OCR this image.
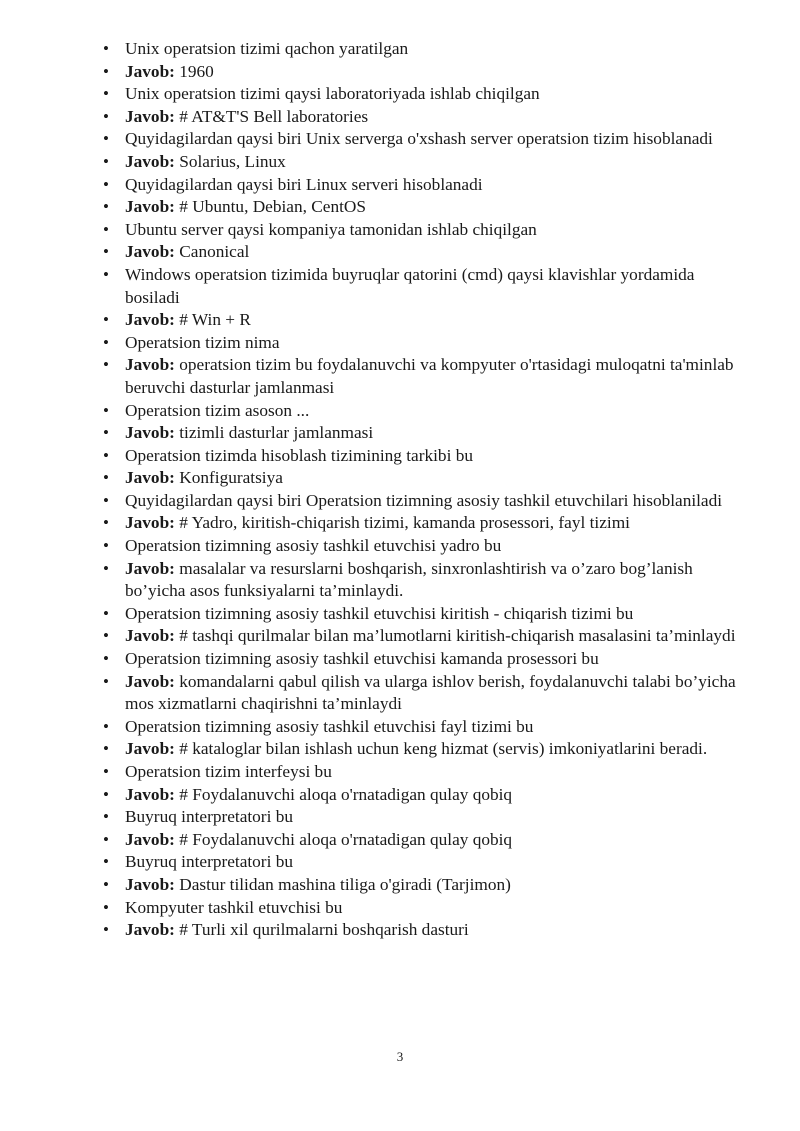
• Unix operatsion tizimi qachon yaratilgan
• Javob: 1960
• Unix operatsion tizimi qaysi laboratoriyada ishlab chiqilgan
• Javob: # AT&T'S Bell laboratories
• Quyidagilardan qaysi biri Unix serverga o'xshash server operatsion tizim hisoblanadi
• Javob: Solarius, Linux
• Quyidagilardan qaysi biri Linux serveri hisoblanadi
• Javob: # Ubuntu, Debian, CentOS
• Ubuntu server qaysi kompaniya tamonidan ishlab chiqilgan
• Javob: Canonical
• Windows operatsion tizimida buyruqlar qatorini (cmd) qaysi klavishlar yordamida bosiladi
• Javob: # Win + R
• Operatsion tizim nima
• Javob: operatsion tizim bu foydalanuvchi va kompyuter o'rtasidagi muloqatni ta'minlab beruvchi dasturlar jamlanmasi
• Operatsion tizim asoson ...
• Javob: tizimli dasturlar jamlanmasi
• Operatsion tizimda hisoblash tizimining tarkibi bu
• Javob: Konfiguratsiya
• Quyidagilardan qaysi biri Operatsion tizimning asosiy tashkil etuvchilari hisoblaniladi
• Javob: # Yadro, kiritish-chiqarish tizimi, kamanda prosessori, fayl tizimi
• Operatsion tizimning asosiy tashkil etuvchisi yadro bu
• Javob: masalalar va resurslarni boshqarish, sinxronlashtirish va o’zaro bog’lanish bo’yicha asos funksiyalarni ta’minlaydi.
• Operatsion tizimning asosiy tashkil etuvchisi kiritish - chiqarish tizimi bu
• Javob: # tashqi qurilmalar bilan ma’lumotlarni kiritish-chiqarish masalasini ta’minlaydi
• Operatsion tizimning asosiy tashkil etuvchisi kamanda prosessori bu
• Javob: komandalarni qabul qilish va ularga ishlov berish, foydalanuvchi talabi bo’yicha mos xizmatlarni chaqirishni ta’minlaydi
• Operatsion tizimning asosiy tashkil etuvchisi fayl tizimi bu
• Javob: # kataloglar bilan ishlash uchun keng hizmat (servis) imkoniyatlarini beradi.
• Operatsion tizim interfeysi bu
• Javob: # Foydalanuvchi aloqa o'rnatadigan qulay qobiq
• Buyruq interpretatori bu
• Javob: # Foydalanuvchi aloqa o'rnatadigan qulay qobiq
• Buyruq interpretatori bu
• Javob: Dastur tilidan mashina tiliga o'giradi (Tarjimon)
• Kompyuter tashkil etuvchisi bu
• Javob: # Turli xil qurilmalarni boshqarish dasturi
3
